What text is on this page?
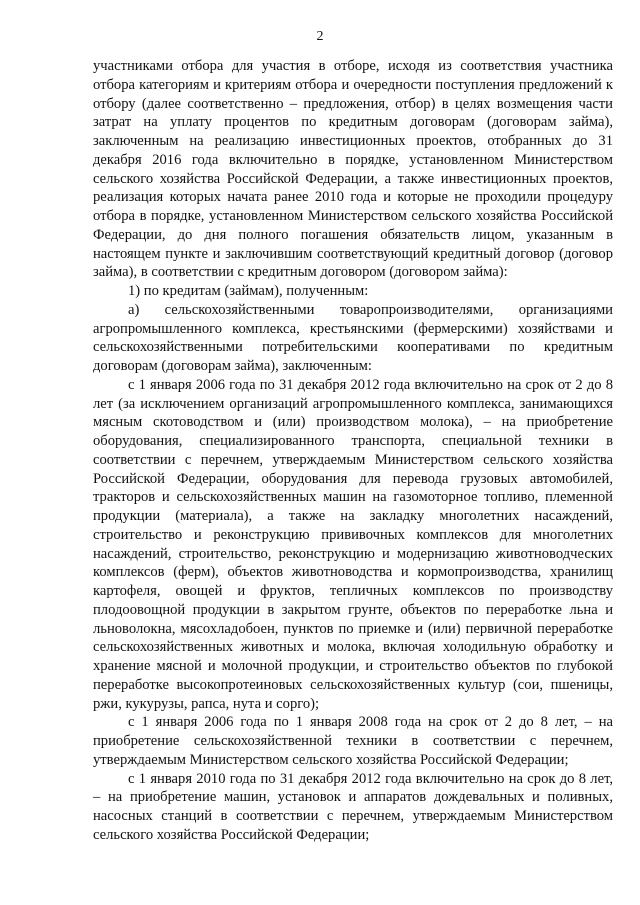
2

участниками отбора для участия в отборе, исходя из соответствия участника отбора категориям и критериям отбора и очередности поступления предложений к отбору (далее соответственно – предложения, отбор) в целях возмещения части затрат на уплату процентов по кредитным договорам (договорам займа), заключенным на реализацию инвестиционных проектов, отобранных до 31 декабря 2016 года включительно в порядке, установленном Министерством сельского хозяйства Российской Федерации, а также инвестиционных проектов, реализация которых начата ранее 2010 года и которые не проходили процедуру отбора в порядке, установленном Министерством сельского хозяйства Российской Федерации, до дня полного погашения обязательств лицом, указанным в настоящем пункте и заключившим соответствующий кредитный договор (договор займа), в соответствии с кредитным договором (договором займа):

1) по кредитам (займам), полученным:

а) сельскохозяйственными товаропроизводителями, организациями агропромышленного комплекса, крестьянскими (фермерскими) хозяйствами и сельскохозяйственными потребительскими кооперативами по кредитным договорам (договорам займа), заключенным:

с 1 января 2006 года по 31 декабря 2012 года включительно на срок от 2 до 8 лет (за исключением организаций агропромышленного комплекса, занимающихся мясным скотоводством и (или) производством молока), – на приобретение оборудования, специализированного транспорта, специальной техники в соответствии с перечнем, утверждаемым Министерством сельского хозяйства Российской Федерации, оборудования для перевода грузовых автомобилей, тракторов и сельскохозяйственных машин на газомоторное топливо, племенной продукции (материала), а также на закладку многолетних насаждений, строительство и реконструкцию прививочных комплексов для многолетних насаждений, строительство, реконструкцию и модернизацию животноводческих комплексов (ферм), объектов животноводства и кормопроизводства, хранилищ картофеля, овощей и фруктов, тепличных комплексов по производству плодоовощной продукции в закрытом грунте, объектов по переработке льна и льноволокна, мясохладобоен, пунктов по приемке и (или) первичной переработке сельскохозяйственных животных и молока, включая холодильную обработку и хранение мясной и молочной продукции, и строительство объектов по глубокой переработке высокопротеиновых сельскохозяйственных культур (сои, пшеницы, ржи, кукурузы, рапса, нута и сорго);

с 1 января 2006 года по 1 января 2008 года на срок от 2 до 8 лет, – на приобретение сельскохозяйственной техники в соответствии с перечнем, утверждаемым Министерством сельского хозяйства Российской Федерации;

с 1 января 2010 года по 31 декабря 2012 года включительно на срок до 8 лет, – на приобретение машин, установок и аппаратов дождевальных и поливных, насосных станций в соответствии с перечнем, утверждаемым Министерством сельского хозяйства Российской Федерации;
